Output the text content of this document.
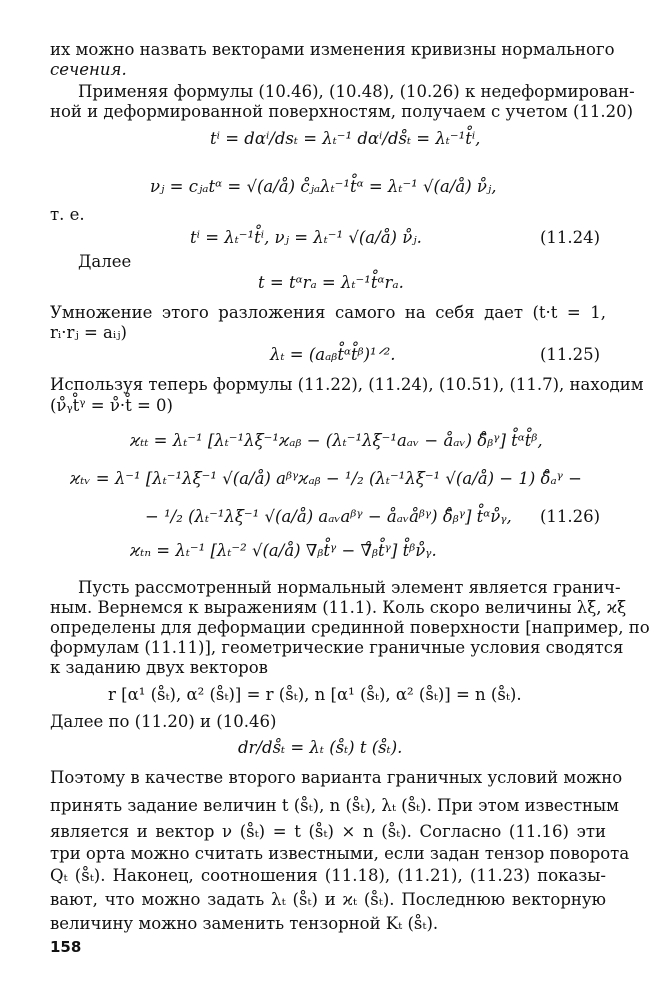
их можно назвать векторами изменения кривизны нормального
сечения.
Применяя формулы (10.46), (10.48), (10.26) к недеформирован-
ной и деформированной поверхностям, получаем с учетом (11.20)
tⁱ = dαⁱ/dsₜ = λₜ⁻¹ dαⁱ/ds̊ₜ = λₜ⁻¹t̊ⁱ,
νⱼ = cⱼₐtᵅ = √(a/å) c̊ⱼₐλₜ⁻¹t̊ᵅ = λₜ⁻¹ √(a/å) ν̊ⱼ,
т. е.
tⁱ = λₜ⁻¹t̊ⁱ, νⱼ = λₜ⁻¹ √(a/å) ν̊ⱼ.	(11.24)
Далее
t = tᵅrₐ = λₜ⁻¹t̊ᵅrₐ.
Умножение этого разложения самого на себя дает (t·t = 1,
rᵢ·rⱼ = aᵢⱼ)
λₜ = (aₐᵦt̊ᵅt̊ᵝ)¹ᐟ².	(11.25)
Используя теперь формулы (11.22), (11.24), (10.51), (11.7), находим
(ν̊ᵧt̊ᵞ = ν̊·t̊ = 0)
ϰₜₜ = λₜ⁻¹ [λₜ⁻¹λξ⁻¹ϰₐᵦ − (λₜ⁻¹λξ⁻¹aₐᵥ − åₐᵥ) δ̊ᵦᵞ] t̊ᵅt̊ᵝ,
ϰₜᵥ = λ⁻¹ [λₜ⁻¹λξ⁻¹ √(a/å) aᵝᵞϰₐᵦ − ¹/₂ (λₜ⁻¹λξ⁻¹ √(a/å) − 1) δ̊ₐᵞ −
− ¹/₂ (λₜ⁻¹λξ⁻¹ √(a/å) aₐᵥaᵝᵞ − åₐᵥåᵝᵞ) δ̊ᵦᵞ] t̊ᵅν̊ᵧ, (11.26)
ϰₜₙ = λₜ⁻¹ [λₜ⁻² √(a/å) ∇ᵦt̊ᵞ − ∇̊ᵦt̊ᵞ] t̊ᵝν̊ᵧ.
Пусть рассмотренный нормальный элемент является гранич-
ным. Вернемся к выражениям (11.1). Коль скоро величины λξ, ϰξ
определены для деформации срединной поверхности [например, по
формулам (11.11)], геометрические граничные условия сводятся
к заданию двух векторов
r [α¹ (s̊ₜ), α² (s̊ₜ)] = r (s̊ₜ), n [α¹ (s̊ₜ), α² (s̊ₜ)] = n (s̊ₜ).
Далее по (11.20) и (10.46)
dr/ds̊ₜ = λₜ (s̊ₜ) t (s̊ₜ).
Поэтому в качестве второго варианта граничных условий можно
принять задание величин t (s̊ₜ), n (s̊ₜ), λₜ (s̊ₜ). При этом известным
является и вектор ν (s̊ₜ) = t (s̊ₜ) × n (s̊ₜ). Согласно (11.16) эти
три орта можно считать известными, если задан тензор поворота
Qₜ (s̊ₜ). Наконец, соотношения (11.18), (11.21), (11.23) показы-
вают, что можно задать λₜ (s̊ₜ) и ϰₜ (s̊ₜ). Последнюю векторную
величину можно заменить тензорной Kₜ (s̊ₜ).
158
